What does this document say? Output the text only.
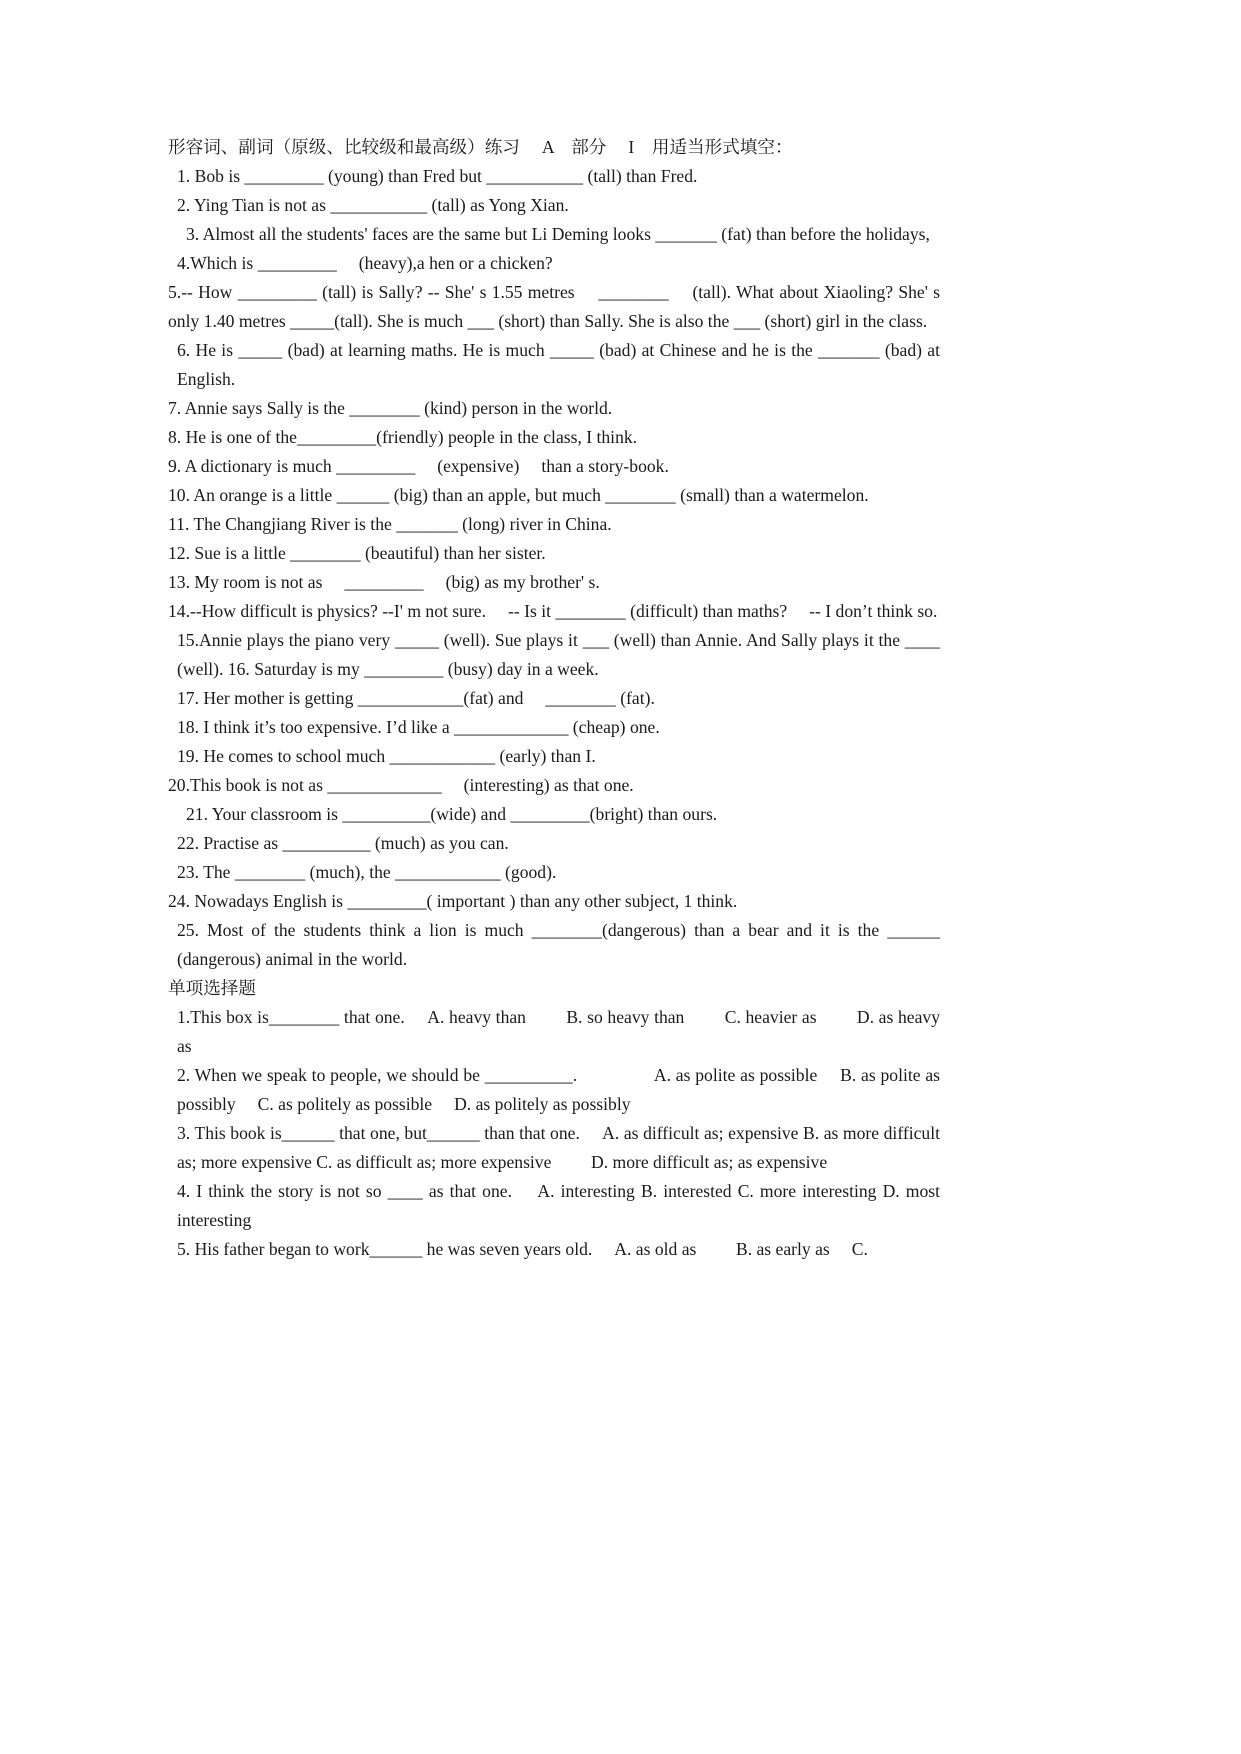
形容词、副词（原级、比较级和最高级）练习　 A　部分　 I　用适当形式填空：

1. Bob is _________ (young) than Fred but ___________ (tall) than Fred.

2. Ying Tian is not as ___________ (tall) as Yong Xian.

3. Almost all the students' faces are the same but Li Deming looks _______ (fat) than before the holidays,

4.Which is _________ 　(heavy),a hen or a chicken?

5.-- How _________ (tall) is Sally? -- She' s 1.55 metres 　________ 　(tall). What about Xiaoling? She' s only 1.40 metres _____(tall). She is much ___ (short) than Sally. She is also the ___ (short) girl in the class.

6. He is _____ (bad) at learning maths. He is much _____ (bad) at Chinese and he is the _______ (bad) at English.

7. Annie says Sally is the ________ (kind) person in the world.

8. He is one of the_________(friendly) people in the class, I think.

9. A dictionary is much _________ 　(expensive) 　than a story-book.

10. An orange is a little ______ (big) than an apple, but much ________ (small) than a watermelon.

11. The Changjiang River is the _______ (long) river in China.

12. Sue is a little ________ (beautiful) than her sister.

13. My room is not as 　_________ 　(big) as my brother' s.

14.--How difficult is physics? --I' m not sure. 　-- Is it ________ (difficult) than maths? 　-- I don’t think so.

15.Annie plays the piano very _____ (well). Sue plays it ___ (well) than Annie. And Sally plays it the ____ (well). 16. Saturday is my _________ (busy) day in a week.

17. Her mother is getting ____________(fat) and 　________ (fat).

18. I think it’s too expensive. I’d like a _____________ (cheap) one.

19. He comes to school much ____________ (early) than I.

20.This book is not as _____________ 　(interesting) as that one.

21. Your classroom is __________(wide) and _________(bright) than ours.

22. Practise as __________ (much) as you can.

23. The ________ (much), the ____________ (good).

24. Nowadays English is _________( important ) than any other subject, 1 think.

25. Most of the students think a lion is much ________(dangerous) than a bear and it is the ______ (dangerous) animal in the world.

单项选择题

1.This box is________ that one. 　A. heavy than 　　B. so heavy than 　　C. heavier as 　　D. as heavy as

2. When we speak to people, we should be __________. 　　　　A. as polite as possible 　B. as polite as possibly 　C. as politely as possible 　D. as politely as possibly

3. This book is______ that one, but______ than that one. 　A. as difficult as; expensive B. as more difficult as; more expensive C. as difficult as; more expensive 　　D. more difficult as; as expensive

4. I think the story is not so ____ as that one. 　A. interesting B. interested C. more interesting D. most interesting

5. His father began to work______ he was seven years old. 　A. as old as 　　B. as early as 　C.
